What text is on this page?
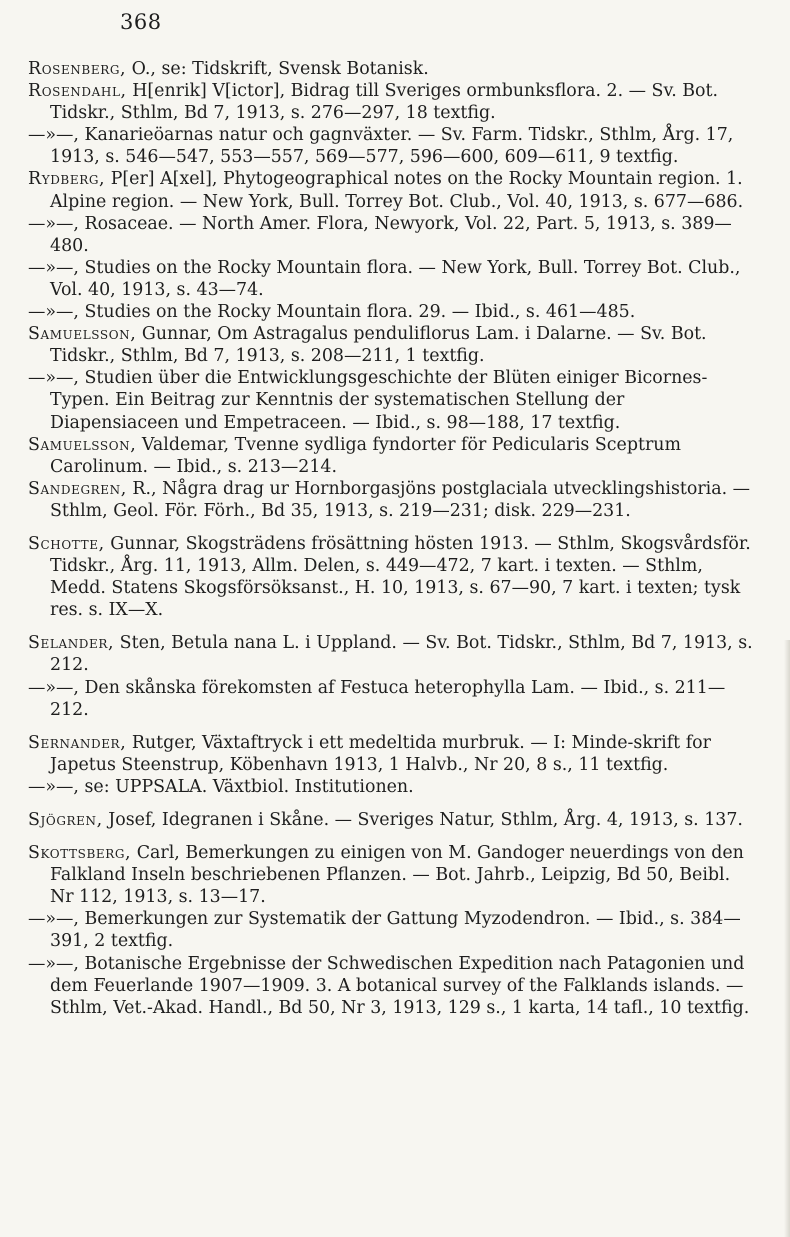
368

Rosenberg, O., se: Tidskrift, Svensk Botanisk.

Rosendahl, H[enrik] V[ictor], Bidrag till Sveriges ormbunksflora. 2. — Sv. Bot. Tidskr., Sthlm, Bd 7, 1913, s. 276—297, 18 textfig.

—»—, Kanarieöarnas natur och gagnväxter. — Sv. Farm. Tidskr., Sthlm, Årg. 17, 1913, s. 546—547, 553—557, 569—577, 596—600, 609—611, 9 textfig.

Rydberg, P[er] A[xel], Phytogeographical notes on the Rocky Mountain region. 1. Alpine region. — New York, Bull. Torrey Bot. Club., Vol. 40, 1913, s. 677—686.

—»—, Rosaceae. — North Amer. Flora, Newyork, Vol. 22, Part. 5, 1913, s. 389—480.

—»—, Studies on the Rocky Mountain flora. — New York, Bull. Torrey Bot. Club., Vol. 40, 1913, s. 43—74.

—»—, Studies on the Rocky Mountain flora. 29. — Ibid., s. 461—485.

Samuelsson, Gunnar, Om Astragalus penduliflorus Lam. i Dalarne. — Sv. Bot. Tidskr., Sthlm, Bd 7, 1913, s. 208—211, 1 textfig.

—»—, Studien über die Entwicklungsgeschichte der Blüten einiger Bicornes-Typen. Ein Beitrag zur Kenntnis der systematischen Stellung der Diapensiaceen und Empetraceen. — Ibid., s. 98—188, 17 textfig.

Samuelsson, Valdemar, Tvenne sydliga fyndorter för Pedicularis Sceptrum Carolinum. — Ibid., s. 213—214.

Sandegren, R., Några drag ur Hornborgasjöns postglaciala utvecklingshistoria. — Sthlm, Geol. För. Förh., Bd 35, 1913, s. 219—231; disk. 229—231.

Schotte, Gunnar, Skogsträdens frösättning hösten 1913. — Sthlm, Skogsvårdsför. Tidskr., Årg. 11, 1913, Allm. Delen, s. 449—472, 7 kart. i texten. — Sthlm, Medd. Statens Skogsförsöksanst., H. 10, 1913, s. 67—90, 7 kart. i texten; tysk res. s. IX—X.

Selander, Sten, Betula nana L. i Uppland. — Sv. Bot. Tidskr., Sthlm, Bd 7, 1913, s. 212.

—»—, Den skånska förekomsten af Festuca heterophylla Lam. — Ibid., s. 211—212.

Sernander, Rutger, Växtaftryck i ett medeltida murbruk. — I: Minde-skrift for Japetus Steenstrup, Köbenhavn 1913, 1 Halvb., Nr 20, 8 s., 11 textfig.

—»—, se: UPPSALA. Växtbiol. Institutionen.

Sjögren, Josef, Idegranen i Skåne. — Sveriges Natur, Sthlm, Årg. 4, 1913, s. 137.

Skottsberg, Carl, Bemerkungen zu einigen von M. Gandoger neuerdings von den Falkland Inseln beschriebenen Pflanzen. — Bot. Jahrb., Leipzig, Bd 50, Beibl. Nr 112, 1913, s. 13—17.

—»—, Bemerkungen zur Systematik der Gattung Myzodendron. — Ibid., s. 384—391, 2 textfig.

—»—, Botanische Ergebnisse der Schwedischen Expedition nach Patagonien und dem Feuerlande 1907—1909. 3. A botanical survey of the Falklands islands. — Sthlm, Vet.-Akad. Handl., Bd 50, Nr 3, 1913, 129 s., 1 karta, 14 tafl., 10 textfig.
